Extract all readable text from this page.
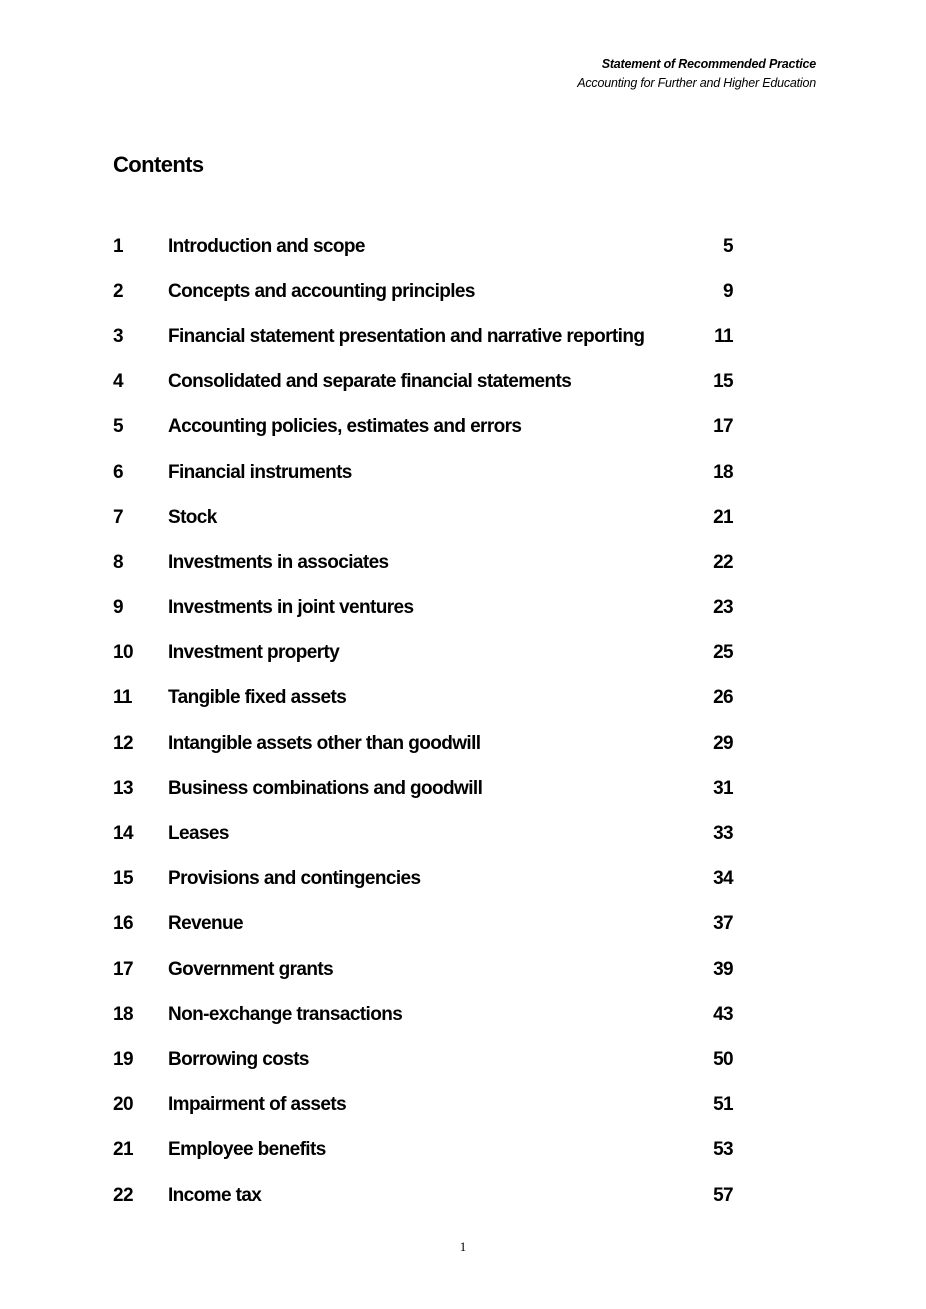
Statement of Recommended Practice
Accounting for Further and Higher Education
Contents
1	Introduction and scope	5
2	Concepts and accounting principles	9
3	Financial statement presentation and narrative reporting	11
4	Consolidated and separate financial statements	15
5	Accounting policies, estimates and errors	17
6	Financial instruments	18
7	Stock	21
8	Investments in associates	22
9	Investments in joint ventures	23
10	Investment property	25
11	Tangible fixed assets	26
12	Intangible assets other than goodwill	29
13	Business combinations and goodwill	31
14	Leases	33
15	Provisions and contingencies	34
16	Revenue	37
17	Government grants	39
18	Non-exchange transactions	43
19	Borrowing costs	50
20	Impairment of assets	51
21	Employee benefits	53
22	Income tax	57
1
